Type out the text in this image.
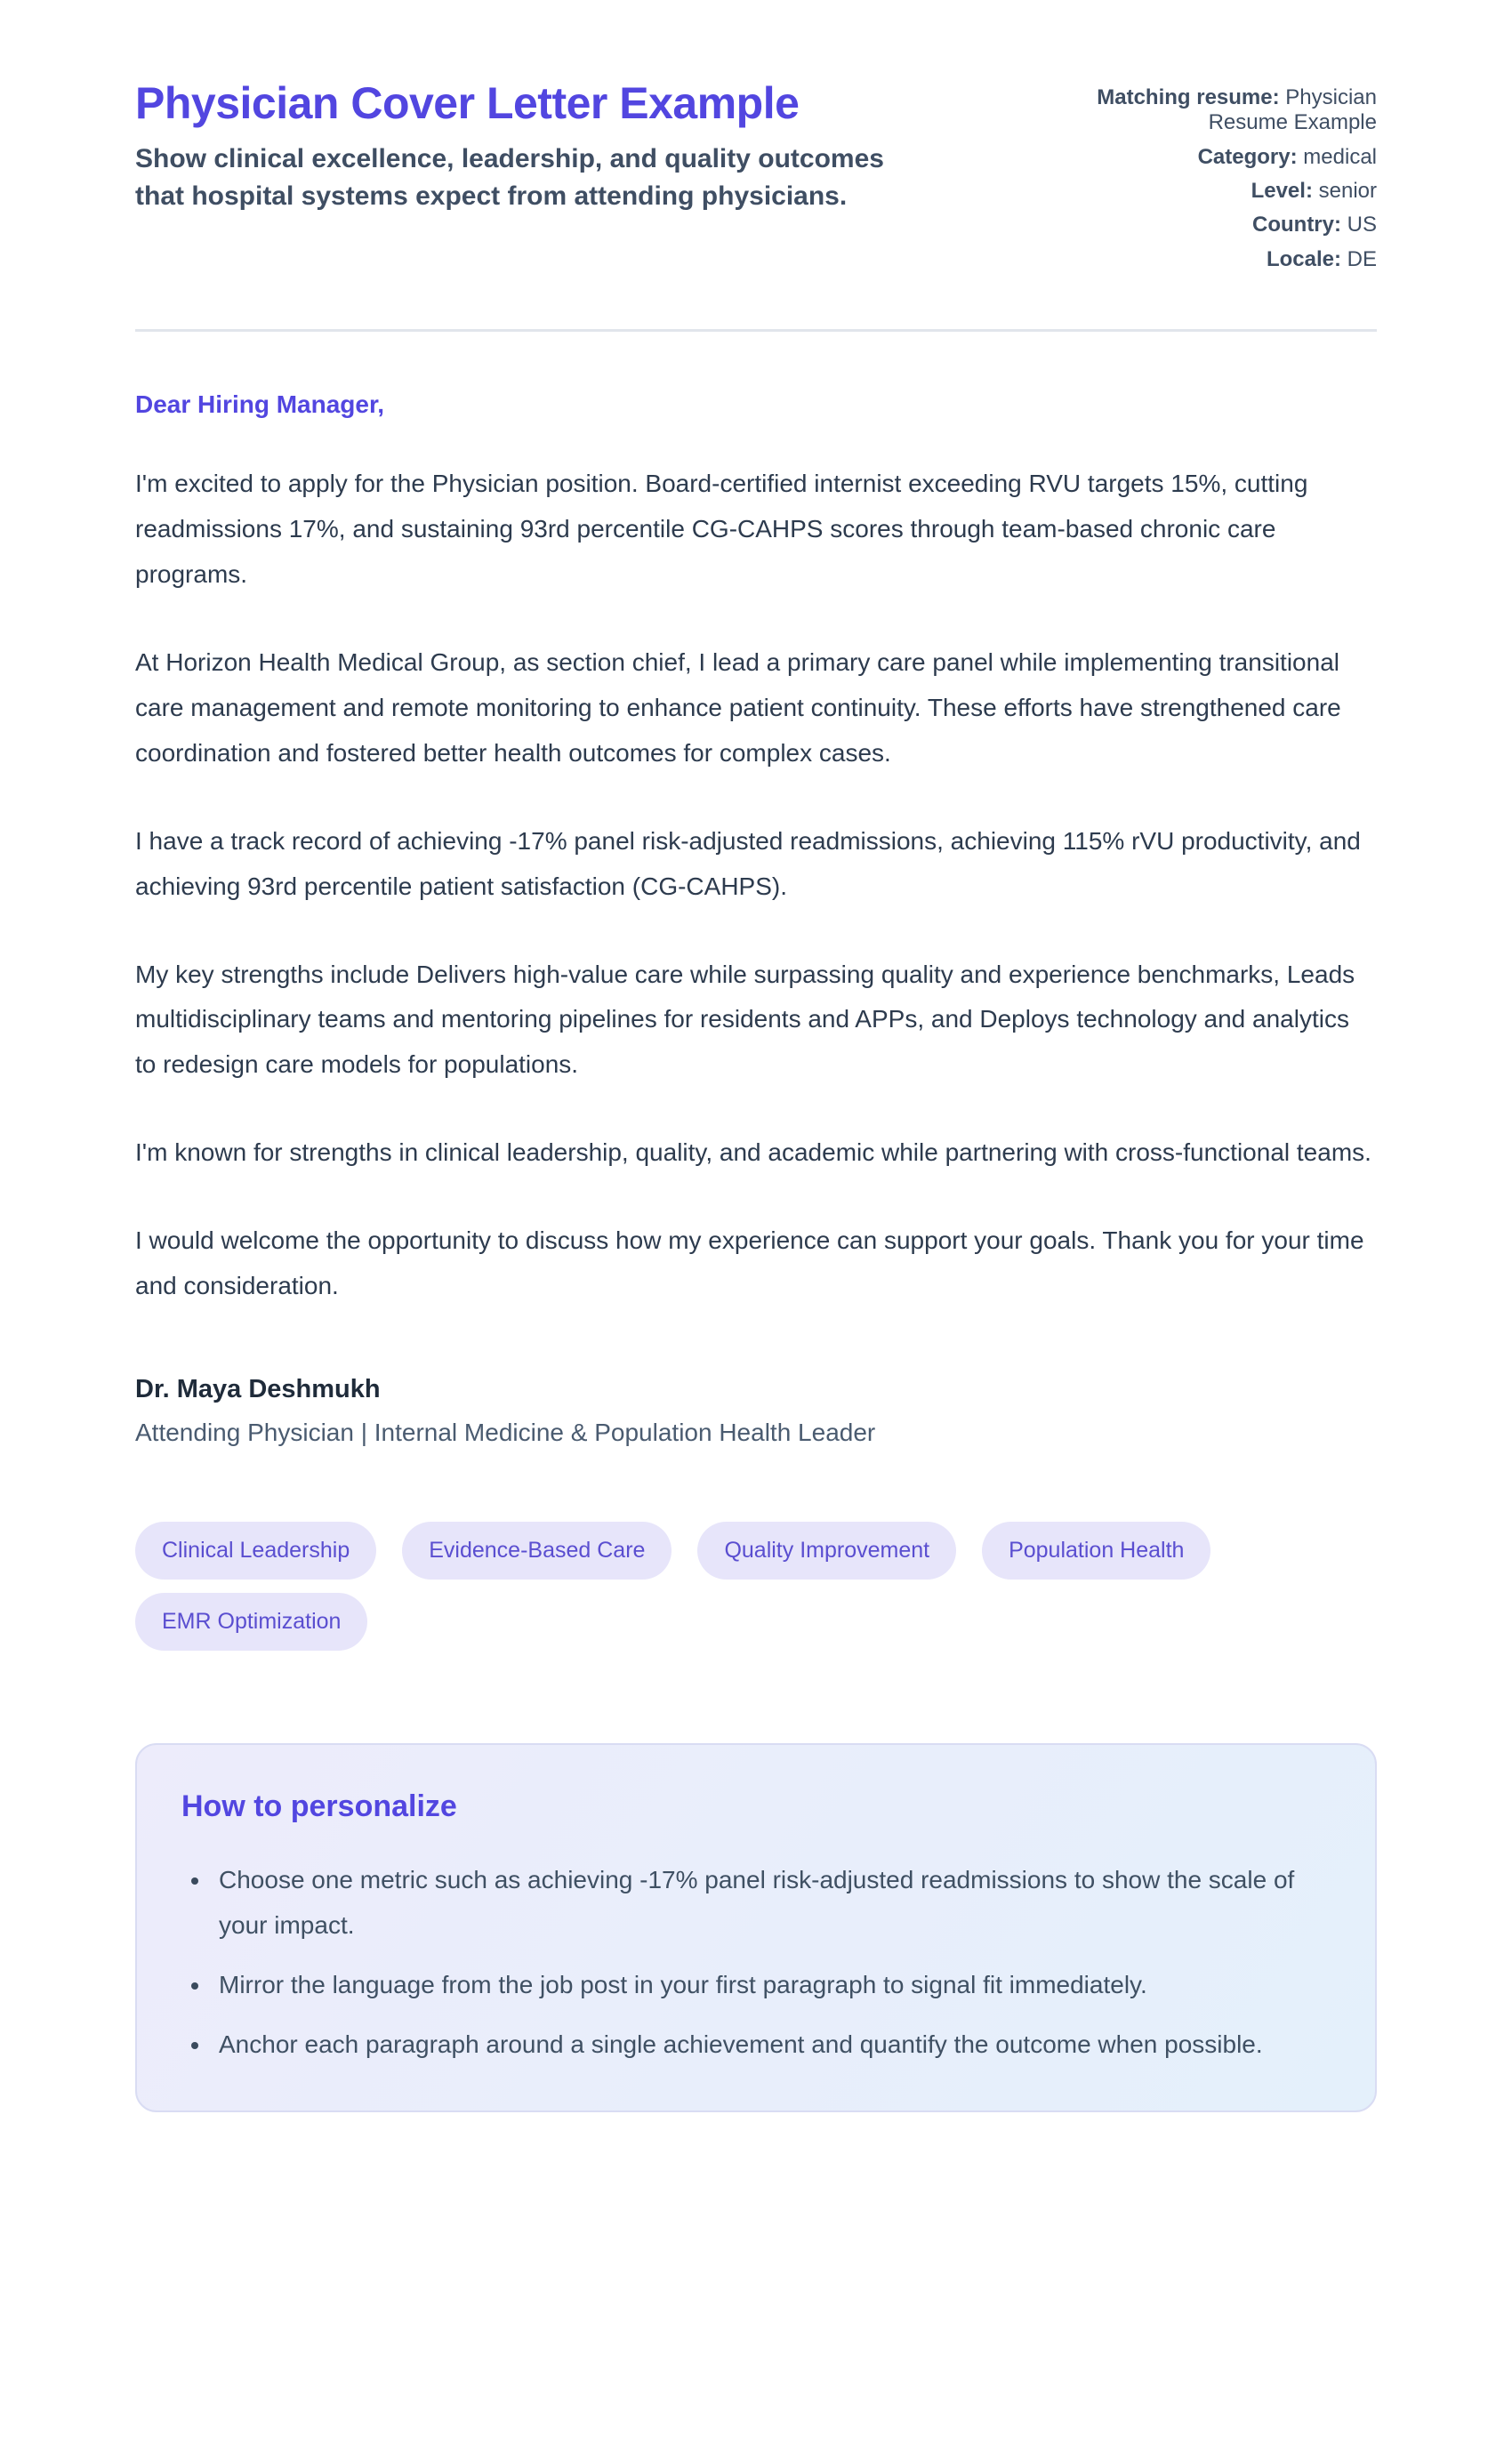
Physician Cover Letter Example
Show clinical excellence, leadership, and quality outcomes that hospital systems expect from attending physicians.
Matching resume: Physician Resume Example
Category: medical
Level: senior
Country: US
Locale: DE
Dear Hiring Manager,

I'm excited to apply for the Physician position. Board-certified internist exceeding RVU targets 15%, cutting readmissions 17%, and sustaining 93rd percentile CG-CAHPS scores through team-based chronic care programs.

At Horizon Health Medical Group, as section chief, I lead a primary care panel while implementing transitional care management and remote monitoring to enhance patient continuity. These efforts have strengthened care coordination and fostered better health outcomes for complex cases.

I have a track record of achieving -17% panel risk-adjusted readmissions, achieving 115% rVU productivity, and achieving 93rd percentile patient satisfaction (CG-CAHPS).

My key strengths include Delivers high-value care while surpassing quality and experience benchmarks, Leads multidisciplinary teams and mentoring pipelines for residents and APPs, and Deploys technology and analytics to redesign care models for populations.

I'm known for strengths in clinical leadership, quality, and academic while partnering with cross-functional teams.

I would welcome the opportunity to discuss how my experience can support your goals. Thank you for your time and consideration.

Dr. Maya Deshmukh
Attending Physician | Internal Medicine & Population Health Leader
Clinical Leadership	Evidence-Based Care	Quality Improvement	Population Health
EMR Optimization
How to personalize
• Choose one metric such as achieving -17% panel risk-adjusted readmissions to show the scale of your impact.
• Mirror the language from the job post in your first paragraph to signal fit immediately.
• Anchor each paragraph around a single achievement and quantify the outcome when possible.
